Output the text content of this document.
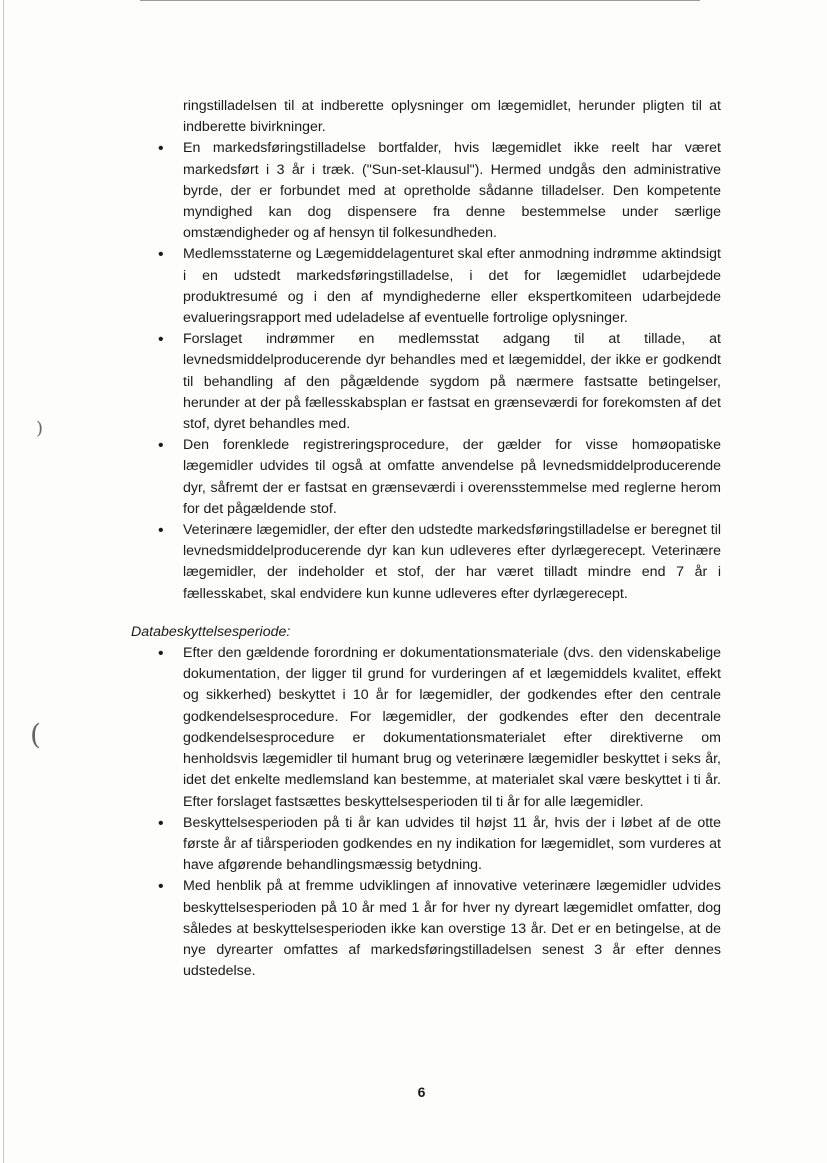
)
(
ringstilladelsen til at indberette oplysninger om lægemidlet, herunder pligten til at indberette bivirkninger.
• En markedsføringstilladelse bortfalder, hvis lægemidlet ikke reelt har været markedsført i 3 år i træk. ("Sun-set-klausul"). Hermed undgås den administrative byrde, der er forbundet med at opretholde sådanne tilladelser. Den kompetente myndighed kan dog dispensere fra denne bestemmelse under særlige omstændigheder og af hensyn til folkesundheden.
• Medlemsstaterne og Lægemiddelagenturet skal efter anmodning indrømme aktindsigt i en udstedt markedsføringstilladelse, i det for lægemidlet udarbejdede produktresumé og i den af myndighederne eller ekspertkomiteen udarbejdede evalueringsrapport med udeladelse af eventuelle fortrolige oplysninger.
• Forslaget indrømmer en medlemsstat adgang til at tillade, at levnedsmiddelproducerende dyr behandles med et lægemiddel, der ikke er godkendt til behandling af den pågældende sygdom på nærmere fastsatte betingelser, herunder at der på fællesskabsplan er fastsat en grænseværdi for forekomsten af det stof, dyret behandles med.
• Den forenklede registreringsprocedure, der gælder for visse homøopatiske lægemidler udvides til også at omfatte anvendelse på levnedsmiddelproducerende dyr, såfremt der er fastsat en grænseværdi i overensstemmelse med reglerne herom for det pågældende stof.
• Veterinære lægemidler, der efter den udstedte markedsføringstilladelse er beregnet til levnedsmiddelproducerende dyr kan kun udleveres efter dyrlægerecept. Veterinære lægemidler, der indeholder et stof, der har været tilladt mindre end 7 år i fællesskabet, skal endvidere kun kunne udleveres efter dyrlægerecept.
Databeskyttelsesperiode:
• Efter den gældende forordning er dokumentationsmateriale (dvs. den videnskabelige dokumentation, der ligger til grund for vurderingen af et lægemiddels kvalitet, effekt og sikkerhed) beskyttet i 10 år for lægemidler, der godkendes efter den centrale godkendelsesprocedure. For lægemidler, der godkendes efter den decentrale godkendelsesprocedure er dokumentationsmaterialet efter direktiverne om henholdsvis lægemidler til humant brug og veterinære lægemidler beskyttet i seks år, idet det enkelte medlemsland kan bestemme, at materialet skal være beskyttet i ti år. Efter forslaget fastsættes beskyttelsesperioden til ti år for alle lægemidler.
• Beskyttelsesperioden på ti år kan udvides til højst 11 år, hvis der i løbet af de otte første år af tiårsperioden godkendes en ny indikation for lægemidlet, som vurderes at have afgørende behandlingsmæssig betydning.
• Med henblik på at fremme udviklingen af innovative veterinære lægemidler udvides beskyttelsesperioden på 10 år med 1 år for hver ny dyreart lægemidlet omfatter, dog således at beskyttelsesperioden ikke kan overstige 13 år. Det er en betingelse, at de nye dyrearter omfattes af markedsføringstilladelsen senest 3 år efter dennes udstedelse.
6
